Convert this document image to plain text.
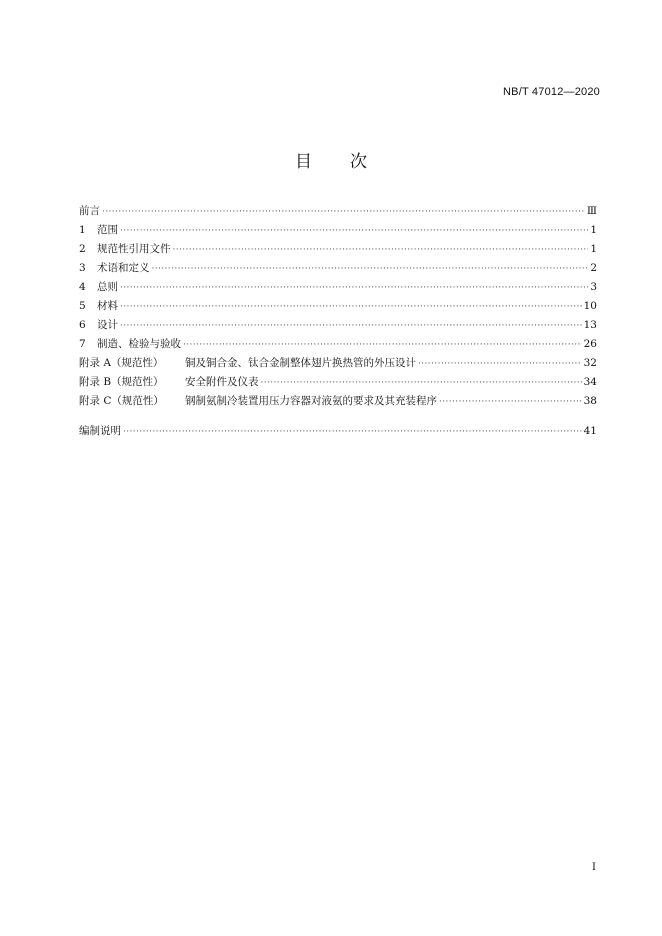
NB/T 47012—2020
目次
前言 ·····	Ⅲ
1 范围 ·····	1
2 规范性引用文件 ·····	1
3 术语和定义 ·····	2
4 总则 ·····	3
5 材料 ·····	10
6 设计 ·····	13
7 制造、检验与验收 ·····	26
附录 A（规范性） 铜及铜合金、钛合金制整体翅片换热管的外压设计 ·····	32
附录 B（规范性） 安全附件及仪表 ·····	34
附录 C（规范性） 钢制氨制冷装置用压力容器对液氨的要求及其充装程序 ·····	38
编制说明 ·····	41
I
